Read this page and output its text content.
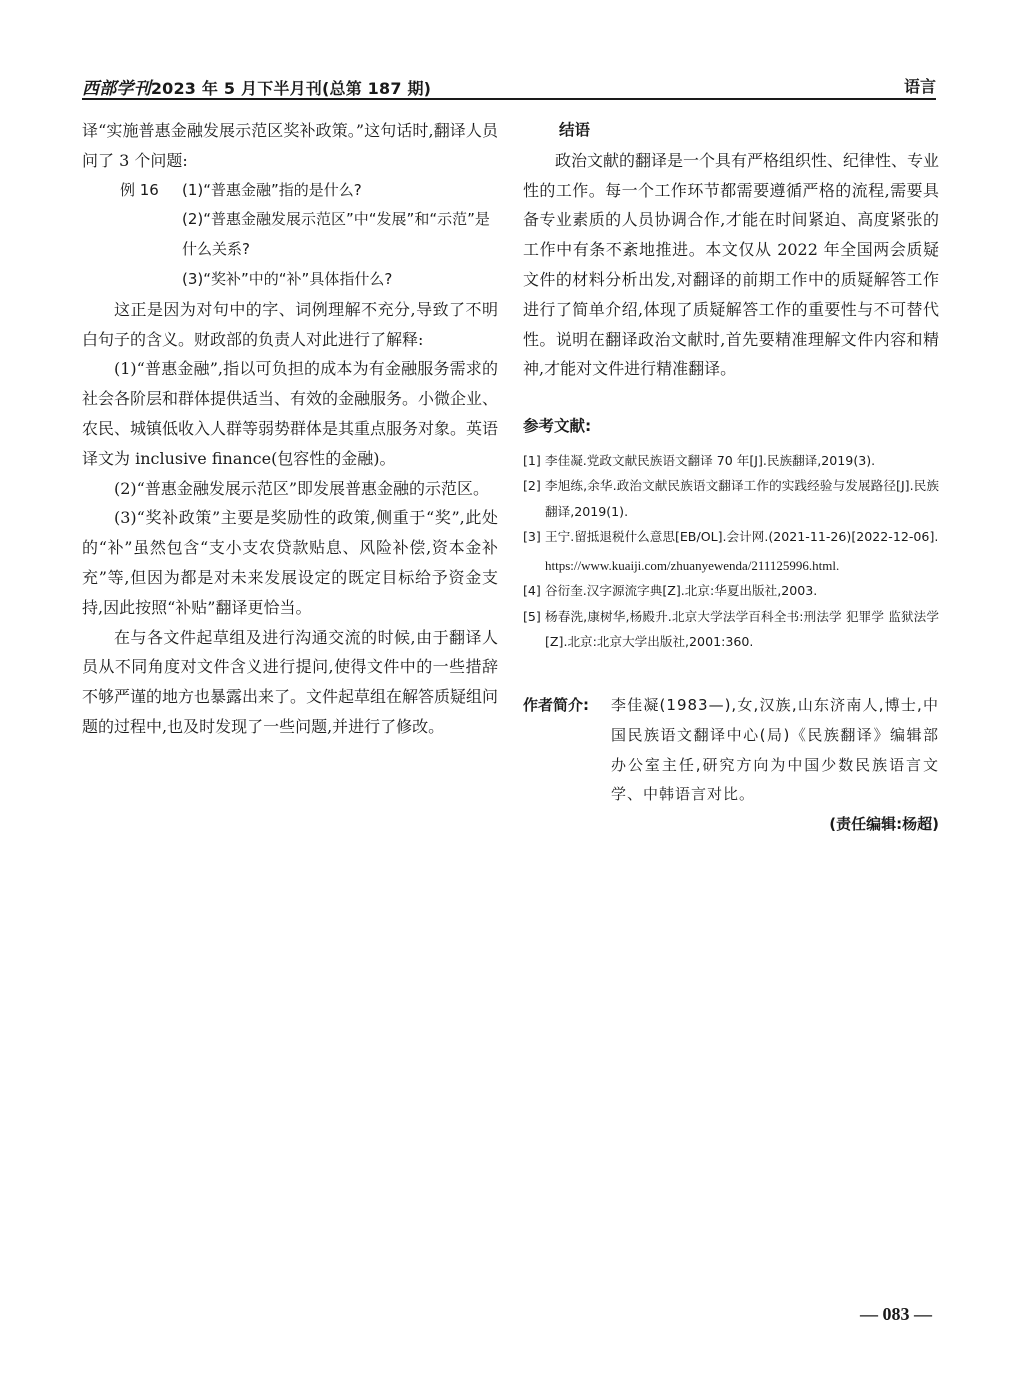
西部学刊2023 年 5 月下半月刊(总第 187 期)	语言

译“实施普惠金融发展示范区奖补政策。”这句话时,翻译人员问了 3 个问题:

例 16	(1)“普惠金融”指的是什么?
(2)“普惠金融发展示范区”中“发展”和“示范”是什么关系?
(3)“奖补”中的“补”具体指什么?

这正是因为对句中的字、词例理解不充分,导致了不明白句子的含义。财政部的负责人对此进行了解释:

(1)“普惠金融”,指以可负担的成本为有金融服务需求的社会各阶层和群体提供适当、有效的金融服务。小微企业、农民、城镇低收入人群等弱势群体是其重点服务对象。英语译文为 inclusive finance(包容性的金融)。

(2)“普惠金融发展示范区”即发展普惠金融的示范区。

(3)“奖补政策”主要是奖励性的政策,侧重于“奖”,此处的“补”虽然包含“支小支农贷款贴息、风险补偿,资本金补充”等,但因为都是对未来发展设定的既定目标给予资金支持,因此按照“补贴”翻译更恰当。

在与各文件起草组及进行沟通交流的时候,由于翻译人员从不同角度对文件含义进行提问,使得文件中的一些措辞不够严谨的地方也暴露出来了。文件起草组在解答质疑组问题的过程中,也及时发现了一些问题,并进行了修改。

结语

政治文献的翻译是一个具有严格组织性、纪律性、专业性的工作。每一个工作环节都需要遵循严格的流程,需要具备专业素质的人员协调合作,才能在时间紧迫、高度紧张的工作中有条不紊地推进。本文仅从 2022 年全国两会质疑文件的材料分析出发,对翻译的前期工作中的质疑解答工作进行了简单介绍,体现了质疑解答工作的重要性与不可替代性。说明在翻译政治文献时,首先要精准理解文件内容和精神,才能对文件进行精准翻译。

参考文献:
[1] 李佳凝.党政文献民族语文翻译 70 年[J].民族翻译,2019(3).
[2] 李旭练,余华.政治文献民族语文翻译工作的实践经验与发展路径[J].民族翻译,2019(1).
[3] 王宁.留抵退税什么意思[EB/OL].会计网.(2021-11-26)[2022-12-06].
https://www.kuaiji.com/zhuanyewenda/211125996.html.
[4] 谷衍奎.汉字源流字典[Z].北京:华夏出版社,2003.
[5] 杨春洗,康树华,杨殿升.北京大学法学百科全书:刑法学 犯罪学 监狱法学[Z].北京:北京大学出版社,2001:360.
作者简介:	李佳凝(1983—),女,汉族,山东济南人,博士,中国民族语文翻译中心(局)《民族翻译》编辑部办公室主任,研究方向为中国少数民族语言文学、中韩语言对比。
(责任编辑:杨超)
— 083 —
